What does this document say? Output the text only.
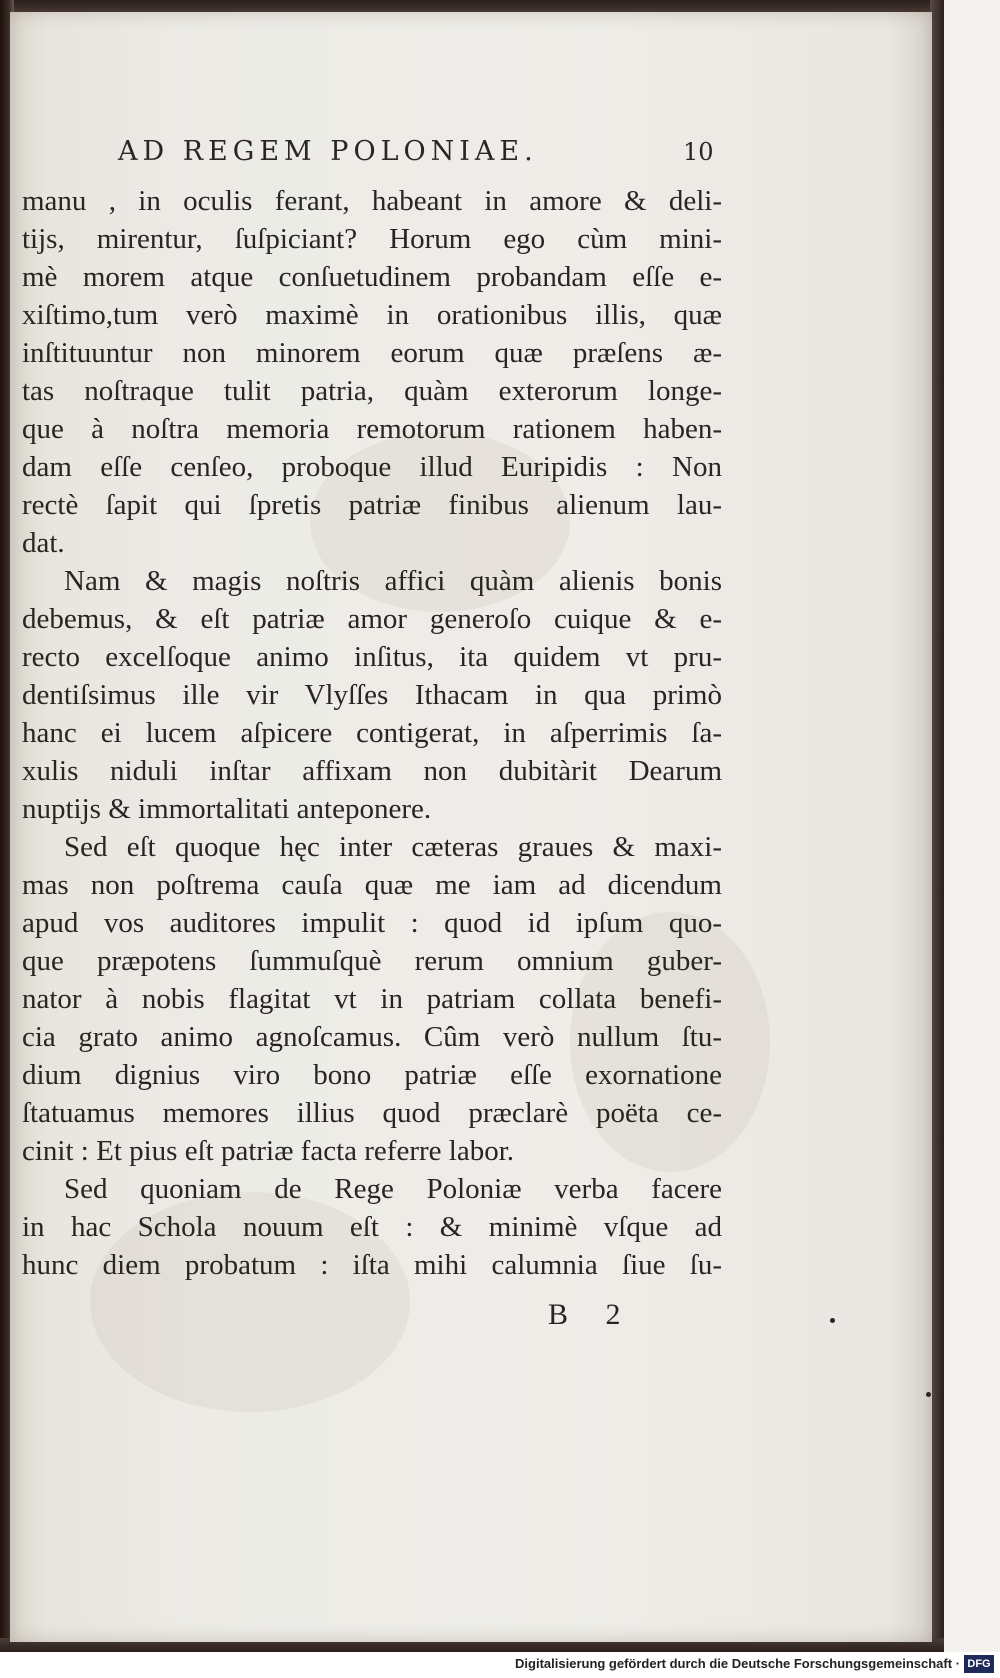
AD REGEM POLONIAE.	10
manu , in oculis ferant, habeant in amore & deli-
tijs, mirentur, ſuſpiciant? Horum ego cùm mini-
mè morem atque conſuetudinem probandam eſſe e-
xiſtimo,tum verò maximè in orationibus illis, quæ
inſtituuntur non minorem eorum quæ præſens æ-
tas noſtraque tulit patria, quàm exterorum longe-
que à noſtra memoria remotorum rationem haben-
dam eſſe cenſeo, proboque illud Euripidis : Non
rectè ſapit qui ſpretis patriæ finibus alienum lau-
dat.
Nam & magis noſtris affici quàm alienis bonis
debemus, & eſt patriæ amor generoſo cuique & e-
recto excelſoque animo inſitus, ita quidem vt pru-
dentiſsimus ille vir Vlyſſes Ithacam in qua primò
hanc ei lucem aſpicere contigerat, in aſperrimis ſa-
xulis niduli inſtar affixam non dubitàrit Dearum
nuptijs & immortalitati anteponere.
Sed eſt quoque hęc inter cæteras graues & maxi-
mas non poſtrema cauſa quæ me iam ad dicendum
apud vos auditores impulit : quod id ipſum quo-
que præpotens ſummuſquè rerum omnium guber-
nator à nobis flagitat vt in patriam collata benefi-
cia grato animo agnoſcamus. Cûm verò nullum ſtu-
dium dignius viro bono patriæ eſſe exornatione
ſtatuamus memores illius quod præclarè poëta ce-
cinit : Et pius eſt patriæ facta referre labor.
Sed quoniam de Rege Poloniæ verba facere
in hac Schola nouum eſt : & minimè vſque ad
hunc diem probatum : iſta mihi calumnia ſiue ſu-
B 2
Digitalisierung gefördert durch die Deutsche Forschungsgemeinschaft · DFG
